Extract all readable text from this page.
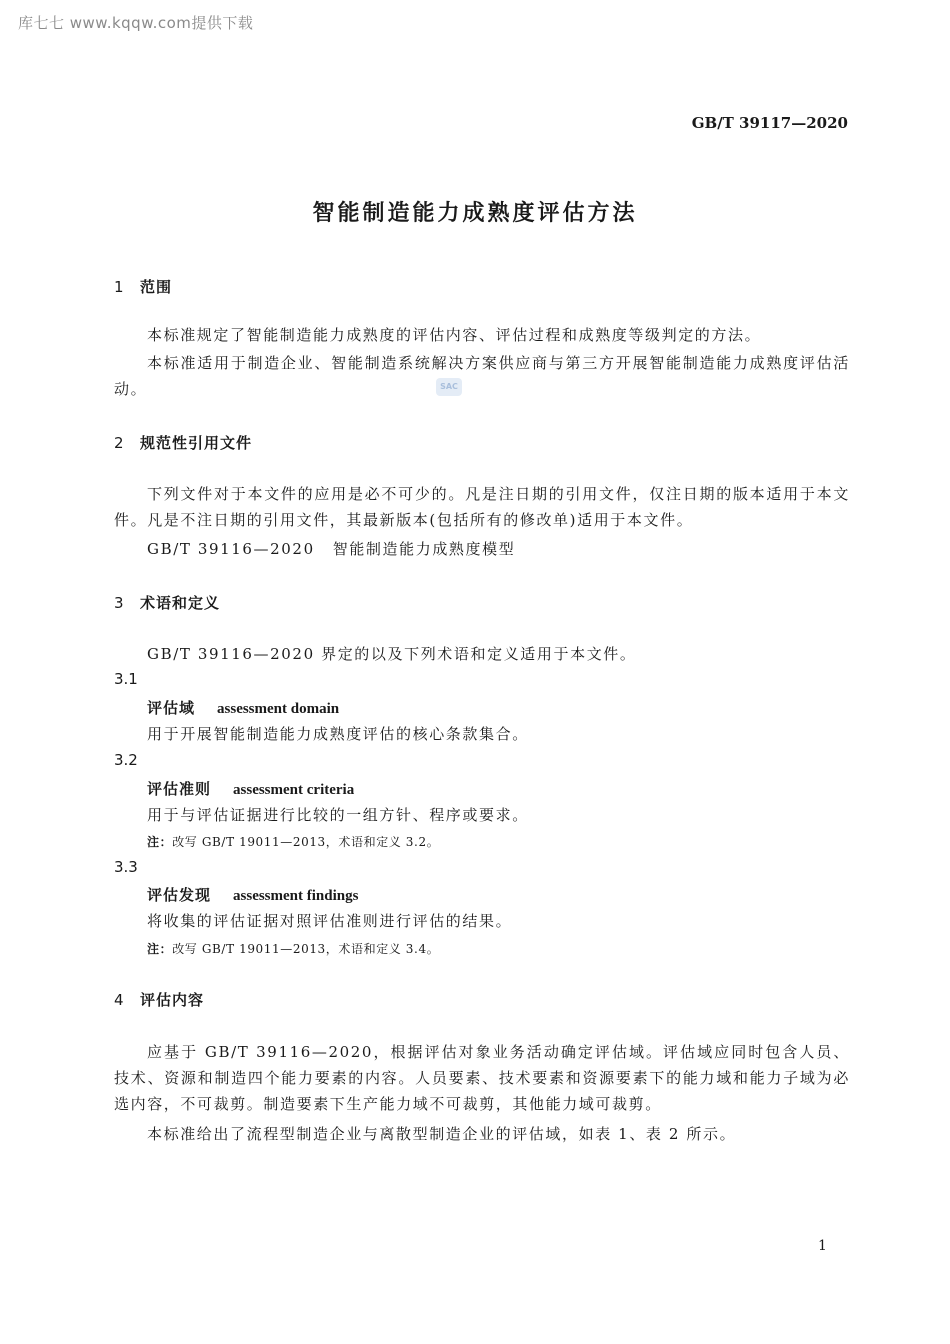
库七七 www.kqqw.com提供下载
GB/T 39117—2020
智能制造能力成熟度评估方法
1 范围
本标准规定了智能制造能力成熟度的评估内容、评估过程和成熟度等级判定的方法。
本标准适用于制造企业、智能制造系统解决方案供应商与第三方开展智能制造能力成熟度评估活动。	SAC
2 规范性引用文件
下列文件对于本文件的应用是必不可少的。凡是注日期的引用文件，仅注日期的版本适用于本文件。凡是不注日期的引用文件，其最新版本(包括所有的修改单)适用于本文件。
GB/T 39116—2020 智能制造能力成熟度模型
3 术语和定义
GB/T 39116—2020 界定的以及下列术语和定义适用于本文件。
3.1
评估域 assessment domain
用于开展智能制造能力成熟度评估的核心条款集合。
3.2
评估准则 assessment criteria
用于与评估证据进行比较的一组方针、程序或要求。
注：改写 GB/T 19011—2013，术语和定义 3.2。
3.3
评估发现 assessment findings
将收集的评估证据对照评估准则进行评估的结果。
注：改写 GB/T 19011—2013，术语和定义 3.4。
4 评估内容
应基于 GB/T 39116—2020，根据评估对象业务活动确定评估域。评估域应同时包含人员、技术、资源和制造四个能力要素的内容。人员要素、技术要素和资源要素下的能力域和能力子域为必选内容，不可裁剪。制造要素下生产能力域不可裁剪，其他能力域可裁剪。
本标准给出了流程型制造企业与离散型制造企业的评估域，如表 1、表 2 所示。
1
